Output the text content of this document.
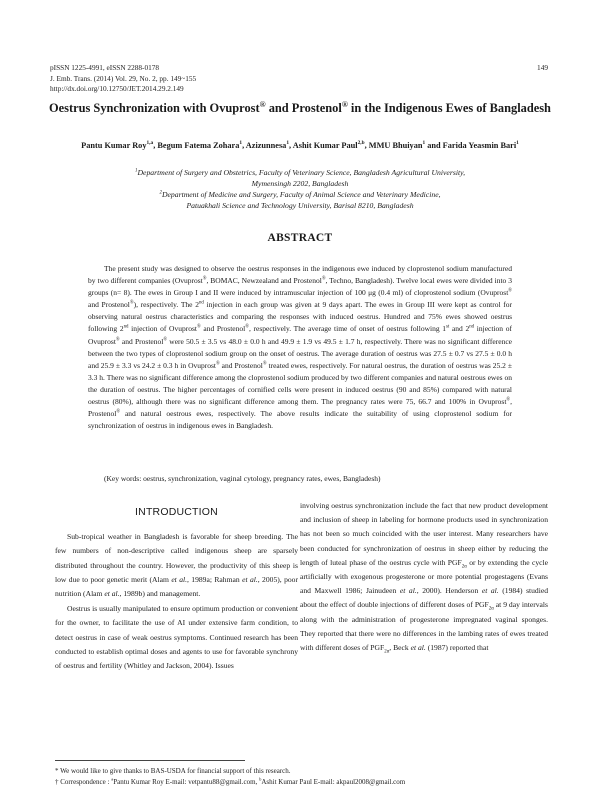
pISSN 1225-4991, eISSN 2288-0178
J. Emb. Trans. (2014) Vol. 29, No. 2, pp. 149~155
http://dx.doi.org/10.12750/JET.2014.29.2.149
149
Oestrus Synchronization with Ovuprost® and Prostenol® in the Indigenous Ewes of Bangladesh
Pantu Kumar Roy$^{1,a}$, Begum Fatema Zohara$^1$, Azizunnesa$^1$, Ashit Kumar Paul$^{2,b}$, MMU Bhuiyan$^1$ and Farida Yeasmin Bari$^1$
$^1$Department of Surgery and Obstetrics, Faculty of Veterinary Science, Bangladesh Agricultural University,
Mymensingh 2202, Bangladesh
$^2$Department of Medicine and Surgery, Faculty of Animal Science and Veterinary Medicine,
Patuakhali Science and Technology University, Barisal 8210, Bangladesh
ABSTRACT
The present study was designed to observe the oestrus responses in the indigenous ewe induced by cloprostenol sodium manufactured by two different companies (Ovuprost®, BOMAC, Newzealand and Prostenol®, Techno, Bangladesh). Twelve local ewes were divided into 3 groups (n= 8). The ewes in Group I and II were induced by intramuscular injection of 100 μg (0.4 ml) of cloprostenol sodium (Ovuprost® and Prostenol®), respectively. The 2nd injection in each group was given at 9 days apart. The ewes in Group III were kept as control for observing natural oestrus characteristics and comparing the responses with induced oestrus. Hundred and 75% ewes showed oestrus following 2nd injection of Ovuprost® and Prostenol®, respectively. The average time of onset of oestrus following 1st and 2nd injection of Ovuprost® and Prostenol® were 50.5 ± 3.5 vs 48.0 ± 0.0 h and 49.9 ± 1.9 vs 49.5 ± 1.7 h, respectively. There was no significant difference between the two types of cloprostenol sodium group on the onset of oestrus. The average duration of oestrus was 27.5 ± 0.7 vs 27.5 ± 0.0 h and 25.9 ± 3.3 vs 24.2 ± 0.3 h in Ovuprost® and Prostenol® treated ewes, respectively. For natural oestrus, the duration of oestrus was 25.2 ± 3.3 h. There was no significant difference among the cloprostenol sodium produced by two different companies and natural oestrous ewes on the duration of oestrus. The higher percentages of cornified cells were present in induced oestrus (90 and 85%) compared with natural oestrus (80%), although there was no significant difference among them. The pregnancy rates were 75, 66.7 and 100% in Ovuprost®, Prostenol® and natural oestrous ewes, respectively. The above results indicate the suitability of using cloprostenol sodium for synchronization of oestrus in indigenous ewes in Bangladesh.
(Key words: oestrus, synchronization, vaginal cytology, pregnancy rates, ewes, Bangladesh)
INTRODUCTION

Sub-tropical weather in Bangladesh is favorable for sheep breeding. The few numbers of non-descriptive called indigenous sheep are sparsely distributed throughout the country. However, the productivity of this sheep is low due to poor genetic merit (Alam et al., 1989a; Rahman et al., 2005), poor nutrition (Alam et al., 1989b) and management.

Oestrus is usually manipulated to ensure optimum production or convenient for the owner, to facilitate the use of AI under extensive farm condition, to detect oestrus in case of weak oestrus symptoms. Continued research has been conducted to establish optimal doses and agents to use for favorable synchrony of oestrus and fertility (Whitley and Jackson, 2004). Issues

involving oestrus synchronization include the fact that new product development and inclusion of sheep in labeling for hormone products used in synchronization has not been so much coincided with the user interest. Many researchers have been conducted for synchronization of oestrus in sheep either by reducing the length of luteal phase of the oestrus cycle with $PGF_{2\alpha}$ or by extending the cycle artificially with exogenous progesterone or more potential progestagens (Evans and Maxwell 1986; Jainudeen et al., 2000). Henderson et al. (1984) studied about the effect of double injections of different doses of $PGF_{2\alpha}$ at 9 day intervals along with the administration of progesterone impregnated vaginal sponges. They reported that there were no differences in the lambing rates of ewes treated with different doses of $PGF_{2\alpha}$, Beck et al. (1987) reported that

* We would like to give thanks to BAS-USDA for financial support of this research.
† Correspondence : $^a$Pantu Kumar Roy E-mail: vetpantu88@gmail.com, $^b$Ashit Kumar Paul E-mail: akpaul2008@gmail.com
